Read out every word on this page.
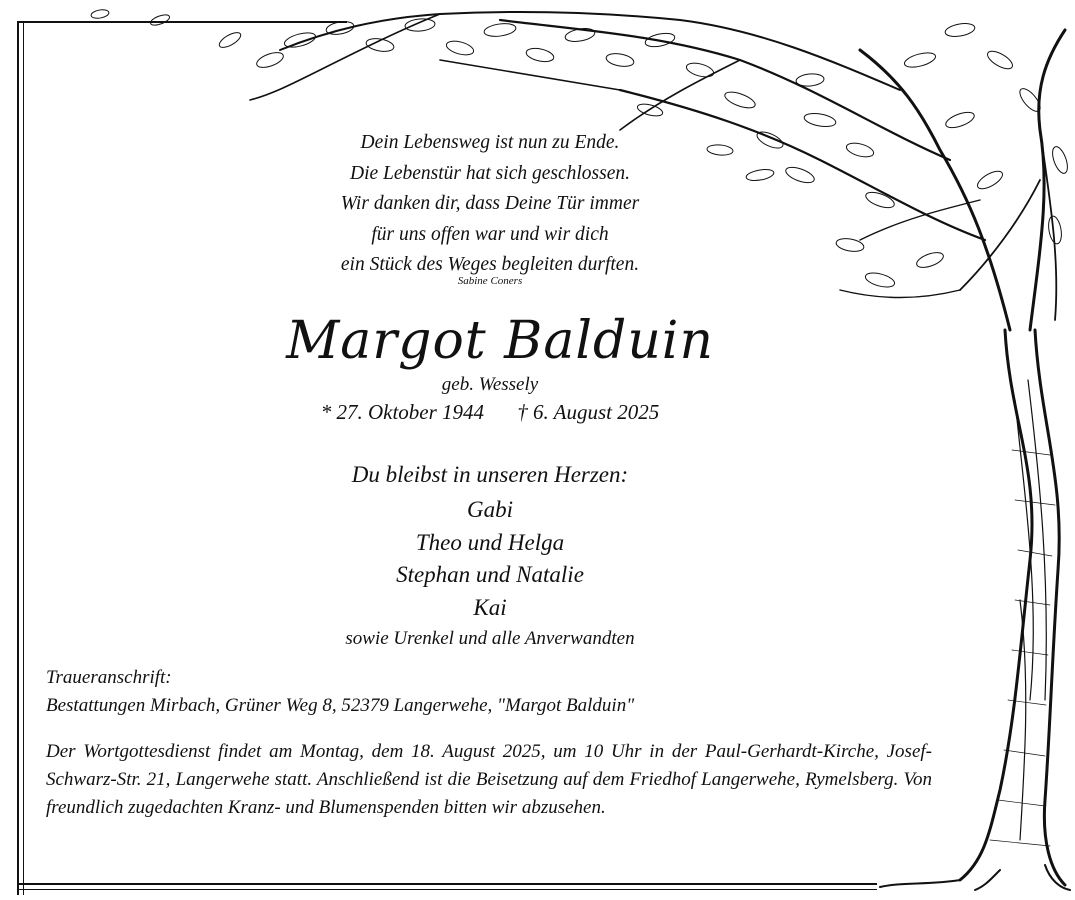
Dein Lebensweg ist nun zu Ende.
Die Lebenstür hat sich geschlossen.
Wir danken dir, dass Deine Tür immer
für uns offen war und wir dich
ein Stück des Weges begleiten durften.
Sabine Coners
Margot Balduin
geb. Wessely
* 27. Oktober 1944 † 6. August 2025
Du bleibst in unseren Herzen:
Gabi
Theo und Helga
Stephan und Natalie
Kai
sowie Urenkel und alle Anverwandten
Traueranschrift:
Bestattungen Mirbach, Grüner Weg 8, 52379 Langerwehe, "Margot Balduin"
Der Wortgottesdienst findet am Montag, dem 18. August 2025, um 10 Uhr in der Paul-Gerhardt-Kirche, Josef-Schwarz-Str. 21, Langerwehe statt. Anschließend ist die Beisetzung auf dem Friedhof Langerwehe, Rymelsberg. Von freundlich zugedachten Kranz- und Blumenspenden bitten wir abzusehen.
